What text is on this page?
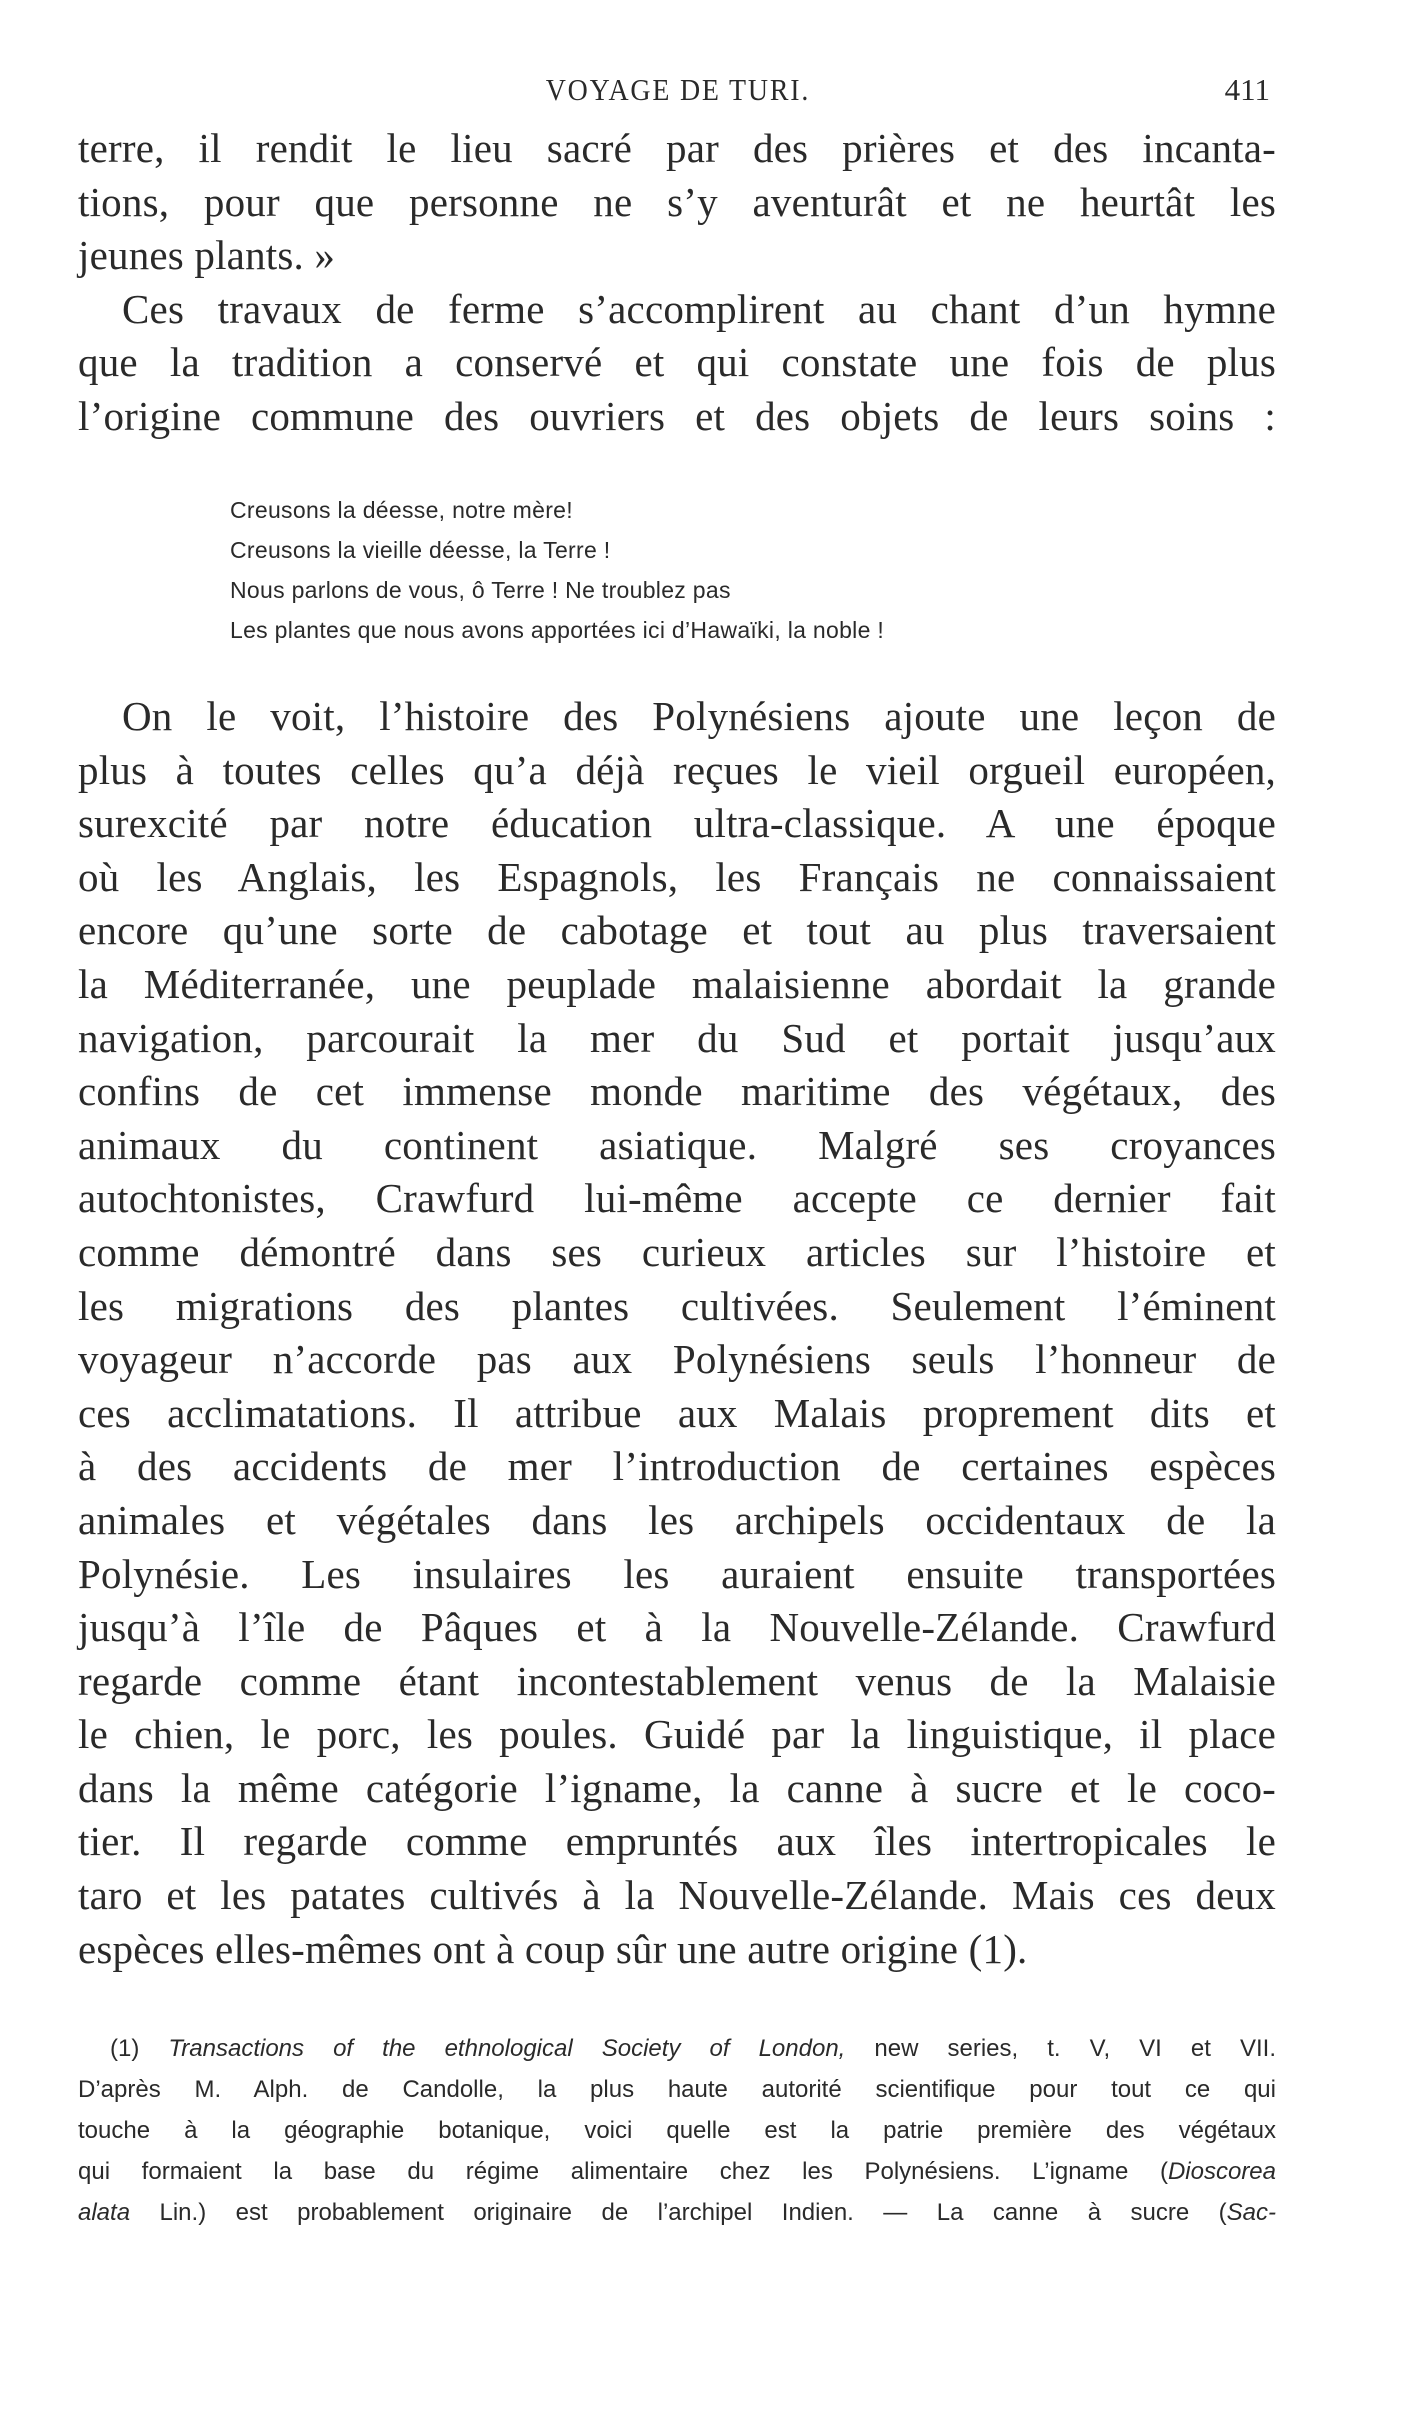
VOYAGE DE TURI.	411
terre, il rendit le lieu sacré par des prières et des incanta-
tions, pour que personne ne s’y aventurât et ne heurtât les
jeunes plants. »
Ces travaux de ferme s’accomplirent au chant d’un hymne
que la tradition a conservé et qui constate une fois de plus
l’origine commune des ouvriers et des objets de leurs soins :
Creusons la déesse, notre mère!
Creusons la vieille déesse, la Terre !
Nous parlons de vous, ô Terre ! Ne troublez pas
Les plantes que nous avons apportées ici d’Hawaïki, la noble !
On le voit, l’histoire des Polynésiens ajoute une leçon de
plus à toutes celles qu’a déjà reçues le vieil orgueil européen,
surexcité par notre éducation ultra-classique. A une époque
où les Anglais, les Espagnols, les Français ne connaissaient
encore qu’une sorte de cabotage et tout au plus traversaient
la Méditerranée, une peuplade malaisienne abordait la grande
navigation, parcourait la mer du Sud et portait jusqu’aux
confins de cet immense monde maritime des végétaux, des
animaux du continent asiatique. Malgré ses croyances
autochtonistes, Crawfurd lui-même accepte ce dernier fait
comme démontré dans ses curieux articles sur l’histoire et
les migrations des plantes cultivées. Seulement l’éminent
voyageur n’accorde pas aux Polynésiens seuls l’honneur de
ces acclimatations. Il attribue aux Malais proprement dits et
à des accidents de mer l’introduction de certaines espèces
animales et végétales dans les archipels occidentaux de la
Polynésie. Les insulaires les auraient ensuite transportées
jusqu’à l’île de Pâques et à la Nouvelle-Zélande. Crawfurd
regarde comme étant incontestablement venus de la Malaisie
le chien, le porc, les poules. Guidé par la linguistique, il place
dans la même catégorie l’igname, la canne à sucre et le coco-
tier. Il regarde comme empruntés aux îles intertropicales le
taro et les patates cultivés à la Nouvelle-Zélande. Mais ces deux
espèces elles-mêmes ont à coup sûr une autre origine (1).
(1) Transactions of the ethnological Society of London, new series, t. V, VI et VII.
D’après M. Alph. de Candolle, la plus haute autorité scientifique pour tout ce qui
touche à la géographie botanique, voici quelle est la patrie première des végétaux
qui formaient la base du régime alimentaire chez les Polynésiens. L’igname (Dioscorea
alata Lin.) est probablement originaire de l’archipel Indien. — La canne à sucre (Sac-
